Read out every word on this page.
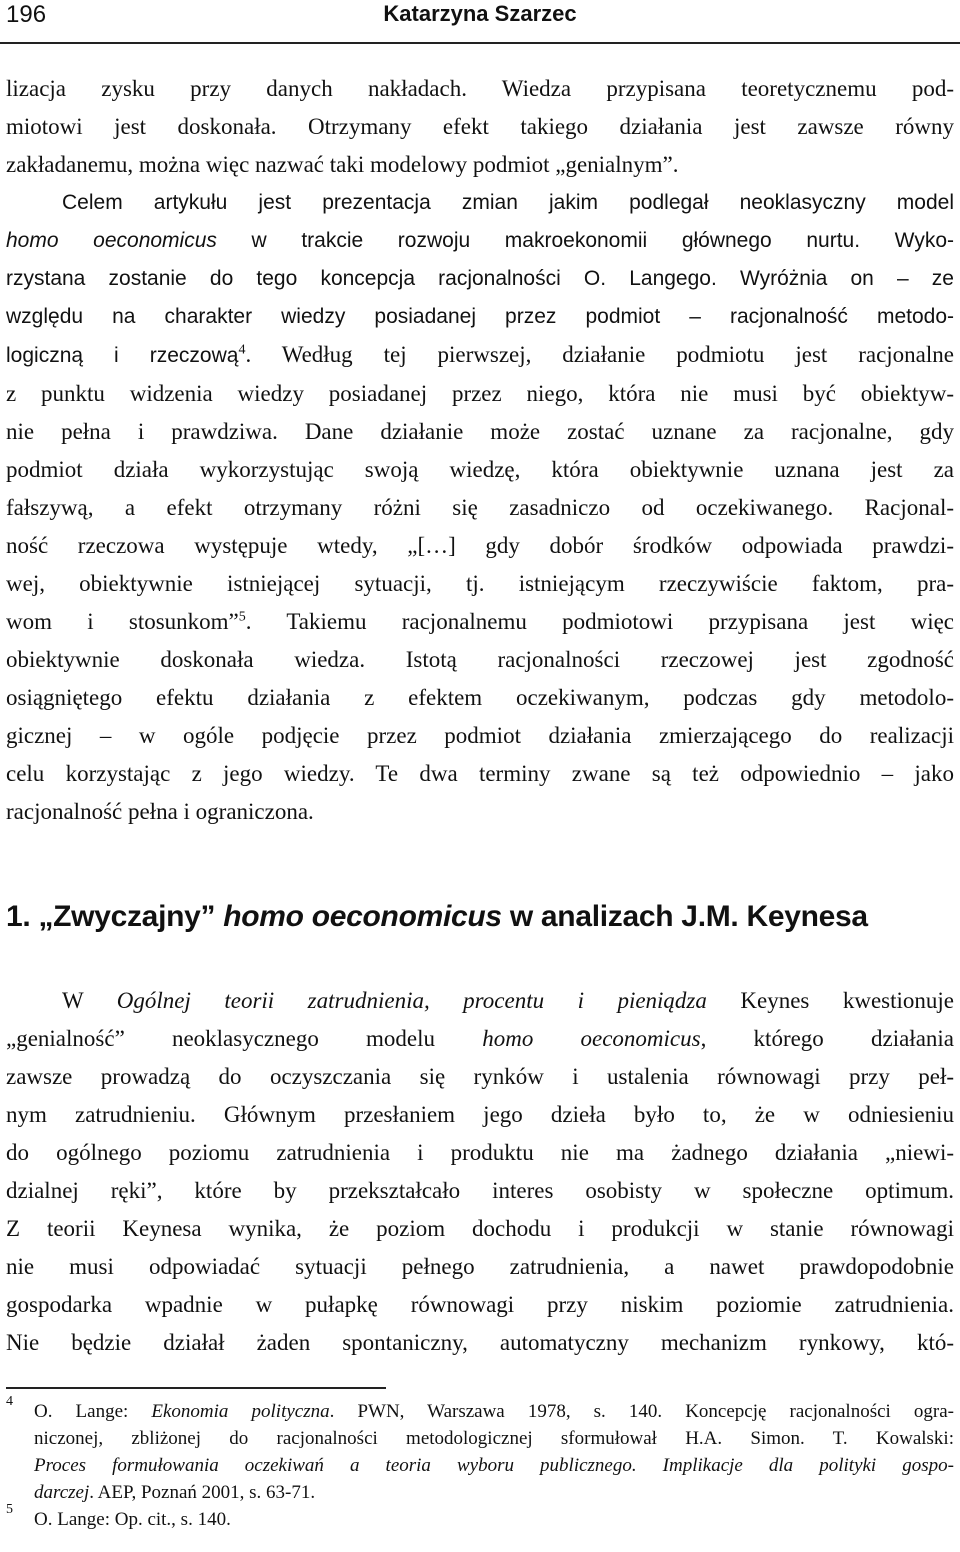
196	Katarzyna Szarzec
lizacja zysku przy danych nakładach. Wiedza przypisana teoretycznemu pod-
miotowi jest doskonała. Otrzymany efekt takiego działania jest zawsze równy
zakładanemu, można więc nazwać taki modelowy podmiot „genialnym”.
Celem artykułu jest prezentacja zmian jakim podlegał neoklasyczny model
homo oeconomicus w trakcie rozwoju makroekonomii głównego nurtu. Wyko-
rzystana zostanie do tego koncepcja racjonalności O. Langego. Wyróżnia on – ze
względu na charakter wiedzy posiadanej przez podmiot – racjonalność metodo-
logiczną i rzeczową$^4$. Według tej pierwszej, działanie podmiotu jest racjonalne
z punktu widzenia wiedzy posiadanej przez niego, która nie musi być obiektyw-
nie pełna i prawdziwa. Dane działanie może zostać uznane za racjonalne, gdy
podmiot działa wykorzystując swoją wiedzę, która obiektywnie uznana jest za
fałszywą, a efekt otrzymany różni się zasadniczo od oczekiwanego. Racjonal-
ność rzeczowa występuje wtedy, „[…] gdy dobór środków odpowiada prawdzi-
wej, obiektywnie istniejącej sytuacji, tj. istniejącym rzeczywiście faktom, pra-
wom i stosunkom”$^5$. Takiemu racjonalnemu podmiotowi przypisana jest więc
obiektywnie doskonała wiedza. Istotą racjonalności rzeczowej jest zgodność
osiągniętego efektu działania z efektem oczekiwanym, podczas gdy metodolo-
gicznej – w ogóle podjęcie przez podmiot działania zmierzającego do realizacji
celu korzystając z jego wiedzy. Te dwa terminy zwane są też odpowiednio – jako
racjonalność pełna i ograniczona.
1. „Zwyczajny” homo oeconomicus w analizach J.M. Keynesa
W Ogólnej teorii zatrudnienia, procentu i pieniądza Keynes kwestionuje
„genialność” neoklasycznego modelu homo oeconomicus, którego działania
zawsze prowadzą do oczyszczania się rynków i ustalenia równowagi przy peł-
nym zatrudnieniu. Głównym przesłaniem jego dzieła było to, że w odniesieniu
do ogólnego poziomu zatrudnienia i produktu nie ma żadnego działania „niewi-
dzialnej ręki”, które by przekształcało interes osobisty w społeczne optimum.
Z teorii Keynesa wynika, że poziom dochodu i produkcji w stanie równowagi
nie musi odpowiadać sytuacji pełnego zatrudnienia, a nawet prawdopodobnie
gospodarka wpadnie w pułapkę równowagi przy niskim poziomie zatrudnienia.
Nie będzie działał żaden spontaniczny, automatyczny mechanizm rynkowy, któ-
4 O. Lange: Ekonomia polityczna. PWN, Warszawa 1978, s. 140. Koncepcję racjonalności ogra-
niczonej, zbliżonej do racjonalności metodologicznej sformułował H.A. Simon. T. Kowalski:
Proces formułowania oczekiwań a teoria wyboru publicznego. Implikacje dla polityki gospo-
darczej. AEP, Poznań 2001, s. 63-71.
5 O. Lange: Op. cit., s. 140.
